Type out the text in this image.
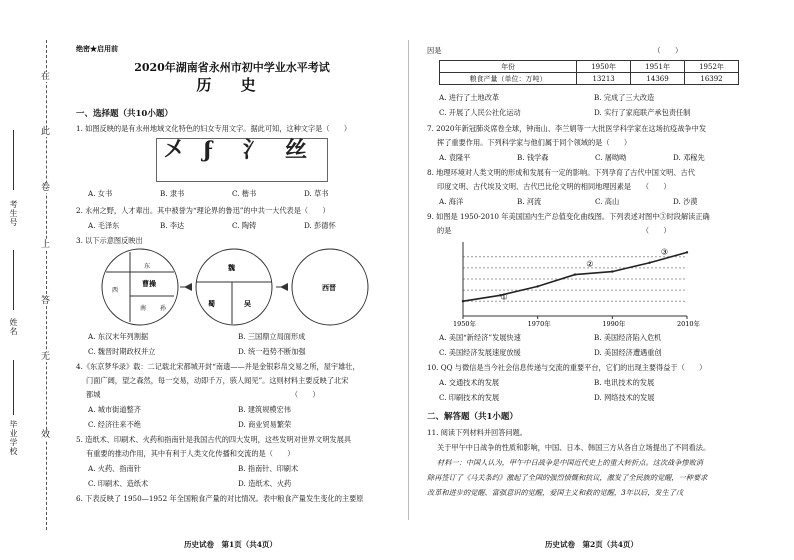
在
此
卷
上
答
无
效
考生号
姓名
毕业学校
绝密★启用前
2020年湖南省永州市初中学业水平考试
历 史
一、选择题（共10小题）
1. 如图反映的是有永州地域文化特色的妇女专用文字。据此可知，这种文字是（　　）
㐅 𝟋 氵 丝
A. 女书	B. 隶书	C. 楷书	D. 草书
2. 永州之野，人才辈出。其中被誉为“理论界的鲁迅”的中共一大代表是（　　）
A. 毛泽东	B. 李达	C. 陶铸	D. 彭德怀
3. 以下示意图反映出
东
曹操
孙
西
南
魏
蜀	吴
西晋
A. 东汉末年列割据	B. 三国鼎立局面形成
C. 魏晋时期政权并立	D. 统一趋势不断加强
4.《东京梦华录》载：二记载北宋都城开封“南遗——并是金银彩帛交易之所，屋宇雄壮，
门面广阔，望之森然，每一交易，动即千万，骇人闻见”。这则材料主要反映了北宋
都城　　　　　　　　　　　　　　　　　　　　　　　　　　　（　　）
A. 城市街道整齐	B. 建筑规模宏伟
C. 经济往来不绝	D. 商业贸易繁荣
5. 造纸术、印刷术、火药和指南针是我国古代的四大发明，这些发明对世界文明发展具
有重要的推动作用，其中有利于人类文化传播和交流的是（　　）
A. 火药、指南针	B. 指南针、印刷术
C. 印刷术、造纸术	D. 造纸术、火药
6. 下表反映了 1950—1952 年全国粮食产量的对比情况。表中粮食产量发生变化的主要原
历史试卷　第1页（共4页）
因是　　　　　　　　　　　　　　　　　　　　　　　　　　　　　　（　　）
年份	1950年	1951年	1952年
粮食产量（单位：万吨）	13213	14369	16392
A. 进行了土地改革	B. 完成了三大改造
C. 开展了人民公社化运动	D. 实行了家庭联产承包责任制
7. 2020年新冠肺炎席卷全球，钟南山、李兰娟等一大批医学科学家在这场抗疫战争中发
挥了重要作用。下列科学家与他们属于同个领域的是（　　）
A. 袁隆平	B. 钱学森	C. 屠呦呦	D. 邓稼先
8. 地理环境对人类文明的形成和发展有一定的影响。下列孕育了古代中国文明、古代
印度文明、古代埃及文明、古代巴比伦文明的相同地理因素是　　（　　）
A. 海洋	B. 河流	C. 高山	D. 沙漠
9. 如图是 1950-2010 年美国国内生产总值变化曲线图。下列表述对图中③时段解读正确
的是　　　　　　　　　　　　　　　　　　　　　　　　　　　（　　）
①
②
③
1950年	1970年	1990年	2010年
A. 美国“新经济”发展快速	B. 美国经济陷入危机
C. 美国经济发展速度放缓	D. 美国经济遭遇重创
10. QQ 与微信是当今社会信息传递与交流的重要平台，它们的出现主要得益于（　　）
A. 交通技术的发展	B. 电讯技术的发展
C. 印刷技术的发展	D. 网络技术的发展
二、解答题（共1小题）
11. 阅读下列材料并回答问题。
关于甲午中日战争的性质和影响，中国、日本、韩国三方从各自立场提出了不同看法。
材料一：中国人认为，甲午中日战争是中国近代史上的重大转折点。这次战争惨败消
除再签订了《马关条约》激起了全国的强烈愤慨和抗议，激发了全民族的觉醒，一种要求
改革和进步的觉醒、富强意识的觉醒，爱国主义和救的觉醒，3年以后，发生了戊
历史试卷　第2页（共4页）
